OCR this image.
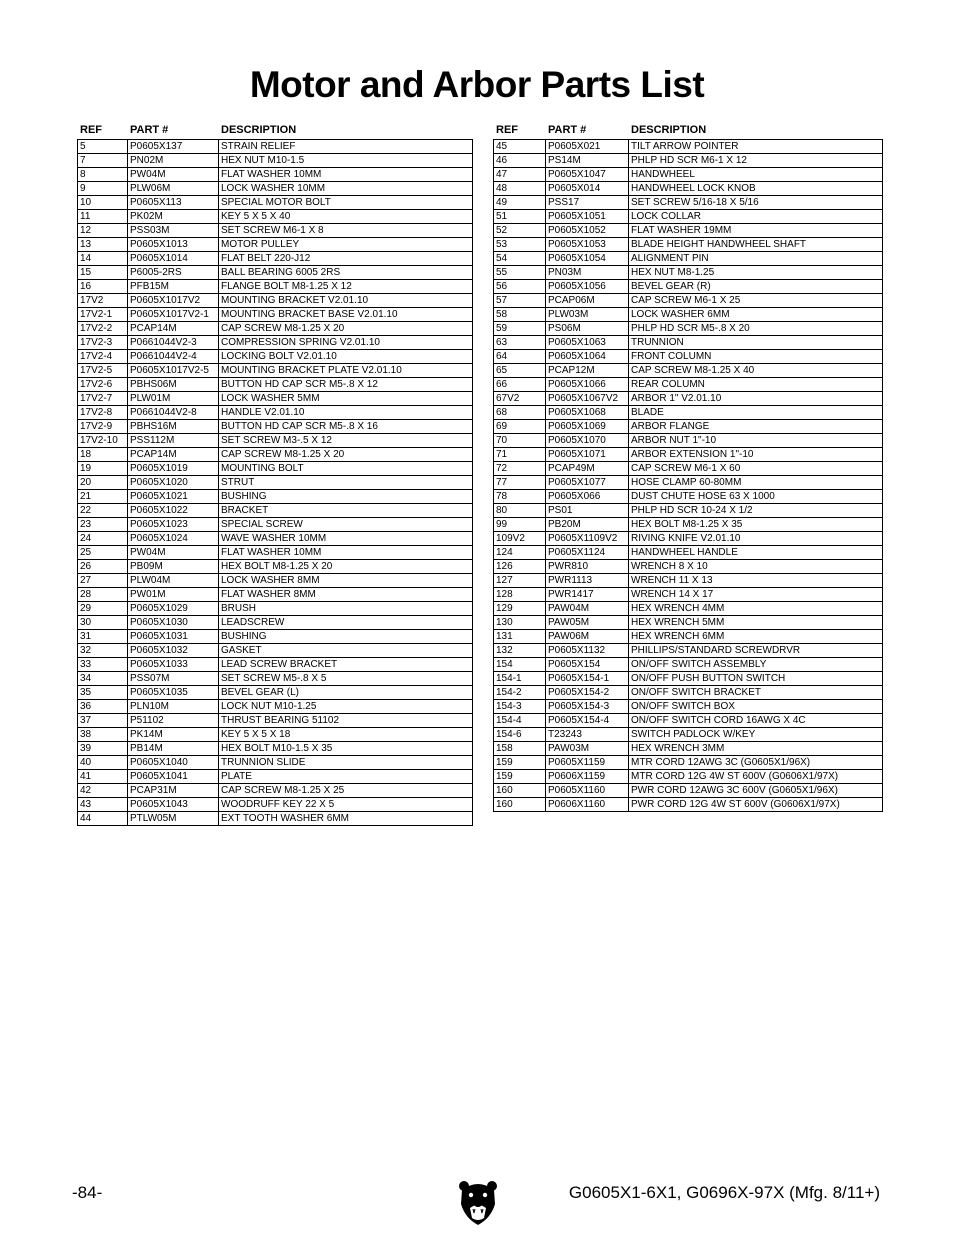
Motor and Arbor Parts List
REF	PART #	DESCRIPTION
5	P0605X137	STRAIN RELIEF
7	PN02M	HEX NUT M10-1.5
8	PW04M	FLAT WASHER 10MM
9	PLW06M	LOCK WASHER 10MM
10	P0605X113	SPECIAL MOTOR BOLT
11	PK02M	KEY 5 X 5 X 40
12	PSS03M	SET SCREW M6-1 X 8
13	P0605X1013	MOTOR PULLEY
14	P0605X1014	FLAT BELT 220-J12
15	P6005-2RS	BALL BEARING 6005 2RS
16	PFB15M	FLANGE BOLT M8-1.25 X 12
17V2	P0605X1017V2	MOUNTING BRACKET V2.01.10
17V2-1	P0605X1017V2-1	MOUNTING BRACKET BASE V2.01.10
17V2-2	PCAP14M	CAP SCREW M8-1.25 X 20
17V2-3	P0661044V2-3	COMPRESSION SPRING V2.01.10
17V2-4	P0661044V2-4	LOCKING BOLT V2.01.10
17V2-5	P0605X1017V2-5	MOUNTING BRACKET PLATE V2.01.10
17V2-6	PBHS06M	BUTTON HD CAP SCR M5-.8 X 12
17V2-7	PLW01M	LOCK WASHER 5MM
17V2-8	P0661044V2-8	HANDLE V2.01.10
17V2-9	PBHS16M	BUTTON HD CAP SCR M5-.8 X 16
17V2-10	PSS112M	SET SCREW M3-.5 X 12
18	PCAP14M	CAP SCREW M8-1.25 X 20
19	P0605X1019	MOUNTING BOLT
20	P0605X1020	STRUT
21	P0605X1021	BUSHING
22	P0605X1022	BRACKET
23	P0605X1023	SPECIAL SCREW
24	P0605X1024	WAVE WASHER 10MM
25	PW04M	FLAT WASHER 10MM
26	PB09M	HEX BOLT M8-1.25 X 20
27	PLW04M	LOCK WASHER 8MM
28	PW01M	FLAT WASHER 8MM
29	P0605X1029	BRUSH
30	P0605X1030	LEADSCREW
31	P0605X1031	BUSHING
32	P0605X1032	GASKET
33	P0605X1033	LEAD SCREW BRACKET
34	PSS07M	SET SCREW M5-.8 X 5
35	P0605X1035	BEVEL GEAR (L)
36	PLN10M	LOCK NUT M10-1.25
37	P51102	THRUST BEARING 51102
38	PK14M	KEY 5 X 5 X 18
39	PB14M	HEX BOLT M10-1.5 X 35
40	P0605X1040	TRUNNION SLIDE
41	P0605X1041	PLATE
42	PCAP31M	CAP SCREW M8-1.25 X 25
43	P0605X1043	WOODRUFF KEY 22 X 5
44	PTLW05M	EXT TOOTH WASHER 6MM
REF	PART #	DESCRIPTION
45	P0605X021	TILT ARROW POINTER
46	PS14M	PHLP HD SCR M6-1 X 12
47	P0605X1047	HANDWHEEL
48	P0605X014	HANDWHEEL LOCK KNOB
49	PSS17	SET SCREW 5/16-18 X 5/16
51	P0605X1051	LOCK COLLAR
52	P0605X1052	FLAT WASHER 19MM
53	P0605X1053	BLADE HEIGHT HANDWHEEL SHAFT
54	P0605X1054	ALIGNMENT PIN
55	PN03M	HEX NUT M8-1.25
56	P0605X1056	BEVEL GEAR (R)
57	PCAP06M	CAP SCREW M6-1 X 25
58	PLW03M	LOCK WASHER 6MM
59	PS06M	PHLP HD SCR M5-.8 X 20
63	P0605X1063	TRUNNION
64	P0605X1064	FRONT COLUMN
65	PCAP12M	CAP SCREW M8-1.25 X 40
66	P0605X1066	REAR COLUMN
67V2	P0605X1067V2	ARBOR 1" V2.01.10
68	P0605X1068	BLADE
69	P0605X1069	ARBOR FLANGE
70	P0605X1070	ARBOR NUT 1"-10
71	P0605X1071	ARBOR EXTENSION 1"-10
72	PCAP49M	CAP SCREW M6-1 X 60
77	P0605X1077	HOSE CLAMP 60-80MM
78	P0605X066	DUST CHUTE HOSE 63 X 1000
80	PS01	PHLP HD SCR 10-24 X 1/2
99	PB20M	HEX BOLT M8-1.25 X 35
109V2	P0605X1109V2	RIVING KNIFE V2.01.10
124	P0605X1124	HANDWHEEL HANDLE
126	PWR810	WRENCH 8 X 10
127	PWR1113	WRENCH 11 X 13
128	PWR1417	WRENCH 14 X 17
129	PAW04M	HEX WRENCH 4MM
130	PAW05M	HEX WRENCH 5MM
131	PAW06M	HEX WRENCH 6MM
132	P0605X1132	PHILLIPS/STANDARD SCREWDRVR
154	P0605X154	ON/OFF SWITCH ASSEMBLY
154-1	P0605X154-1	ON/OFF PUSH BUTTON SWITCH
154-2	P0605X154-2	ON/OFF SWITCH BRACKET
154-3	P0605X154-3	ON/OFF SWITCH BOX
154-4	P0605X154-4	ON/OFF SWITCH CORD 16AWG X 4C
154-6	T23243	SWITCH PADLOCK W/KEY
158	PAW03M	HEX WRENCH 3MM
159	P0605X1159	MTR CORD 12AWG 3C (G0605X1/96X)
159	P0606X1159	MTR CORD 12G 4W ST 600V (G0606X1/97X)
160	P0605X1160	PWR CORD 12AWG 3C 600V (G0605X1/96X)
160	P0606X1160	PWR CORD 12G 4W ST 600V (G0606X1/97X)
-84-	G0605X1-6X1, G0696X-97X (Mfg. 8/11+)
